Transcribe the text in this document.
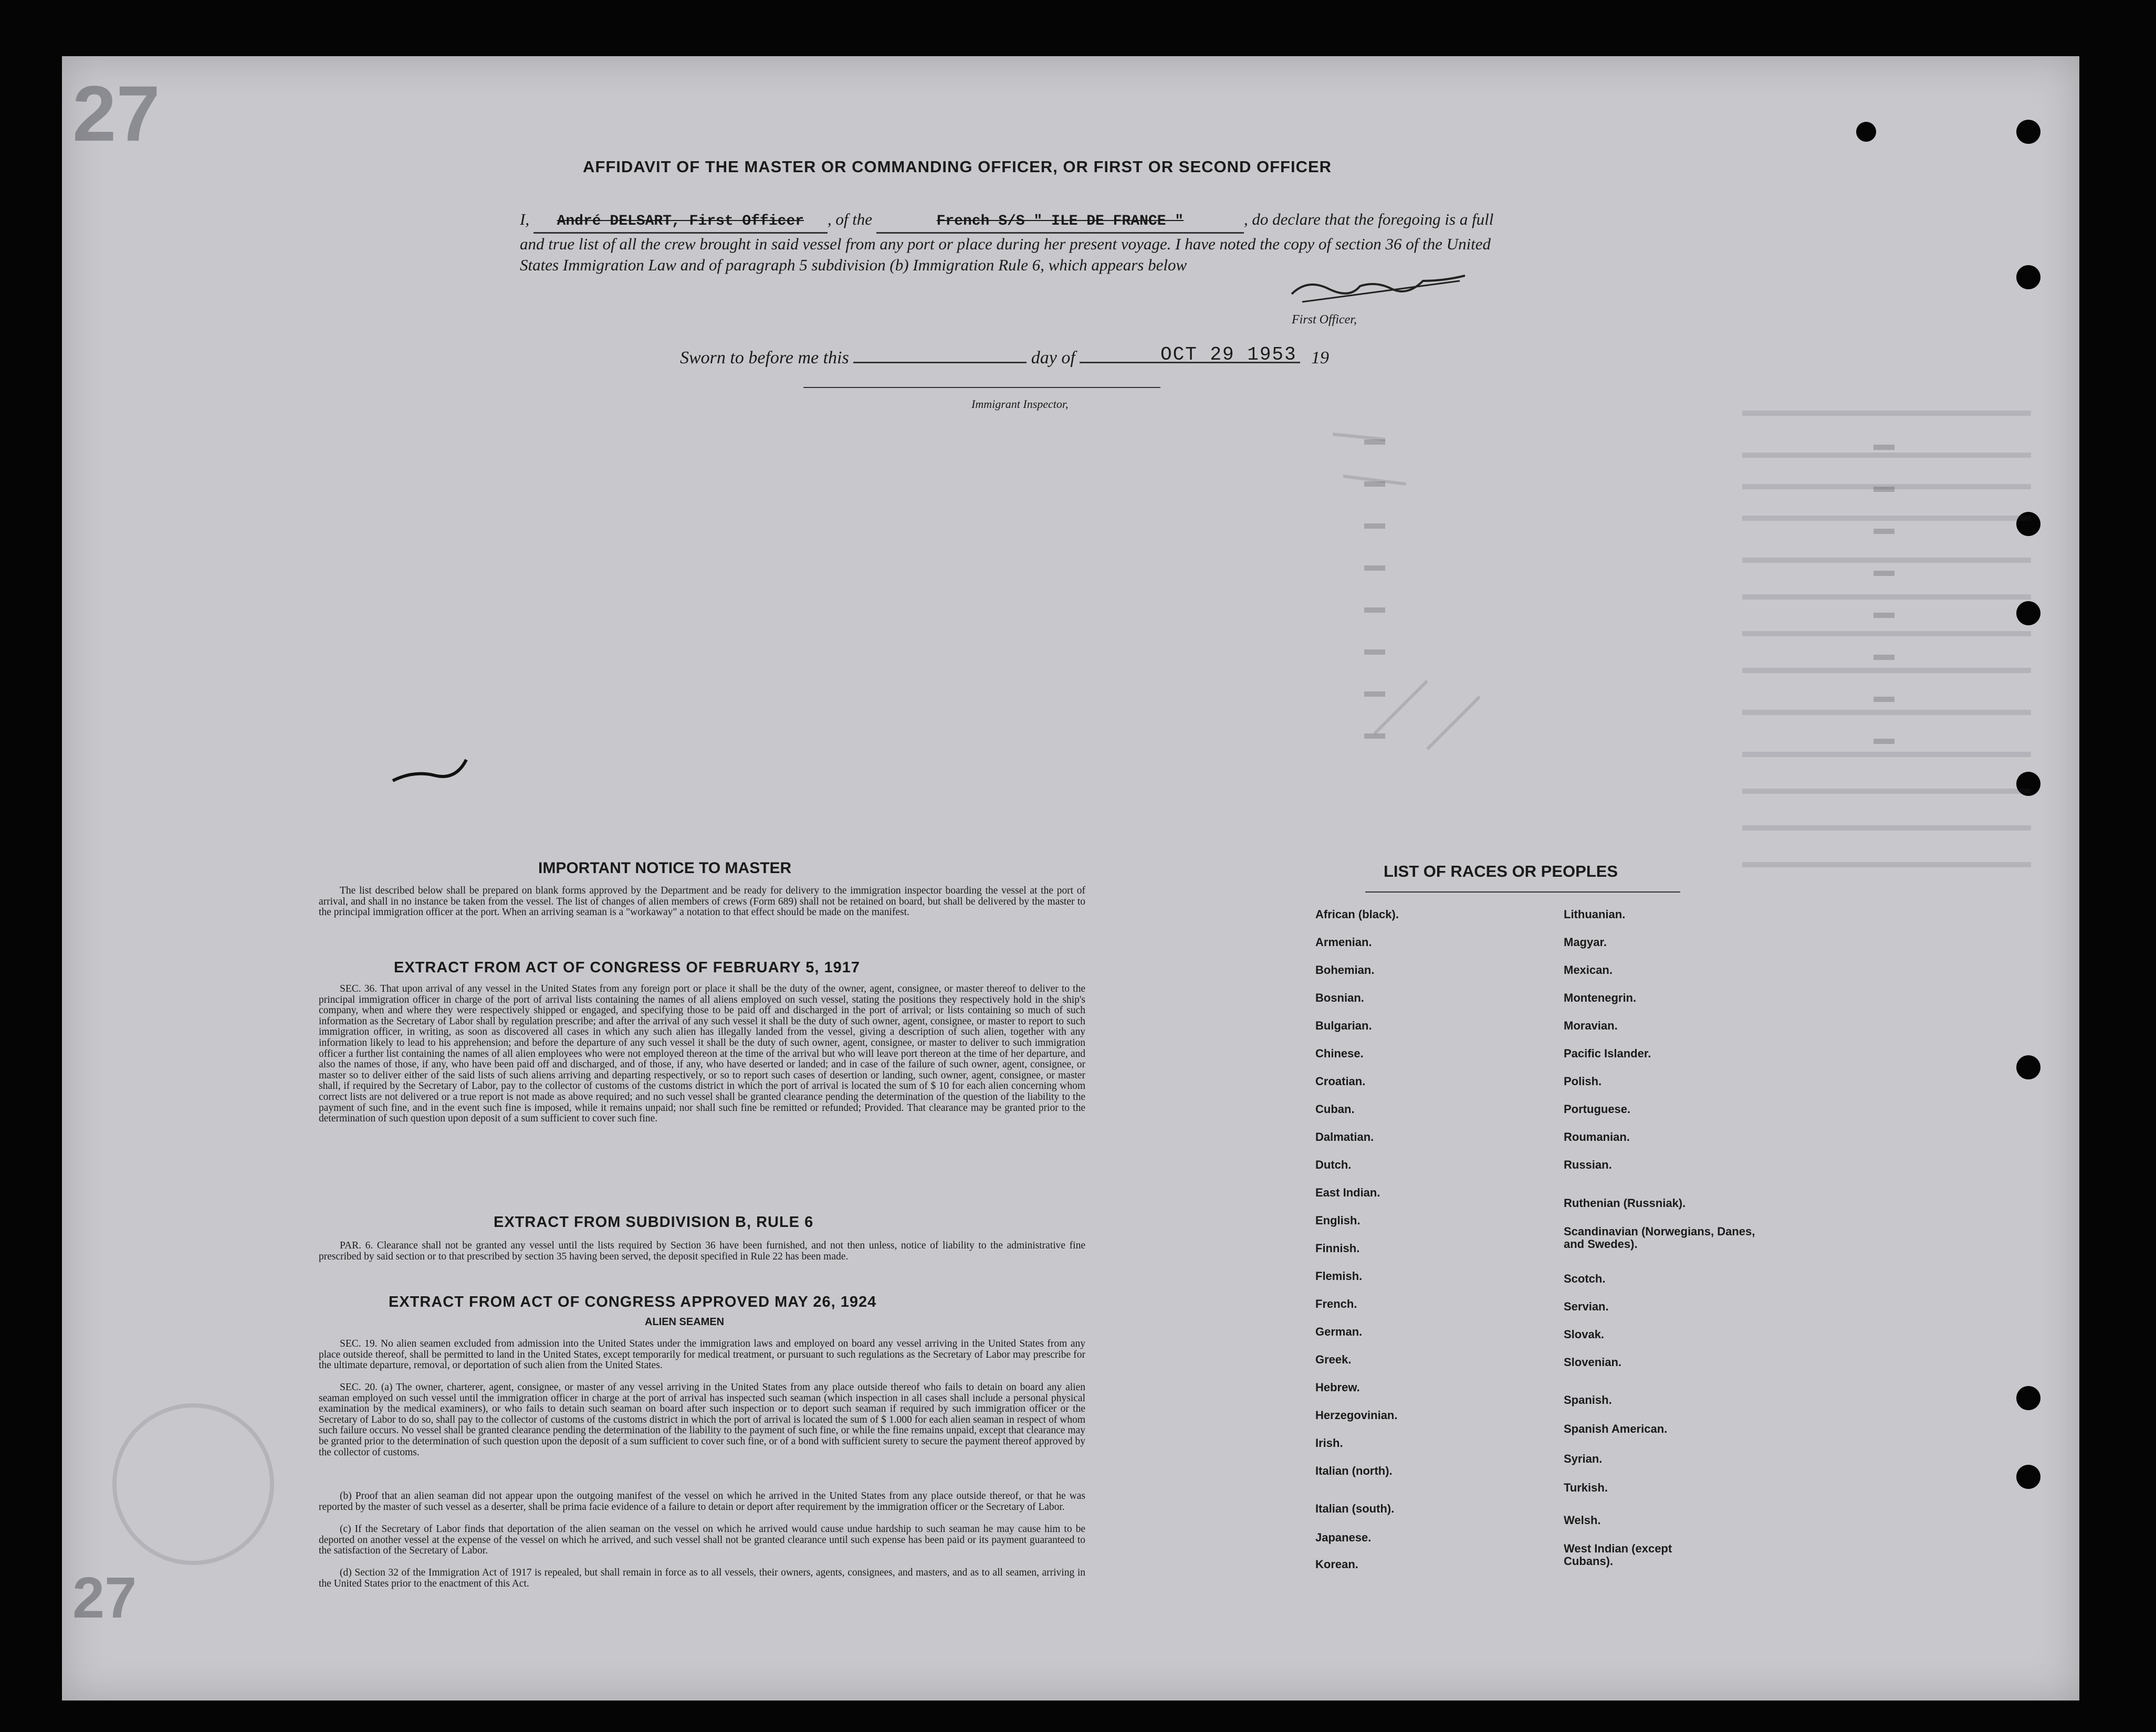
27
27
AFFIDAVIT OF THE MASTER OR COMMANDING OFFICER, OR FIRST OR SECOND OFFICER
I, André DELSART, First Officer , of the	French S/S " ILE DE FRANCE "	, do declare that the foregoing is a full and true list of all the crew brought in said vessel from any port or place during her present voyage. I have noted the copy of section 36 of the United States Immigration Law and of paragraph 5 subdivision (b) Immigration Rule 6, which appears below
First Officer,
Sworn to before me this	day of	OCT 29 1953 19
Immigrant Inspector,
IMPORTANT NOTICE TO MASTER
The list described below shall be prepared on blank forms approved by the Department and be ready for delivery to the immigration inspector boarding the vessel at the port of arrival, and shall in no instance be taken from the vessel. The list of changes of alien members of crews (Form 689) shall not be retained on board, but shall be delivered by the master to the principal immigration officer at the port. When an arriving seaman is a "workaway" a notation to that effect should be made on the manifest.
EXTRACT FROM ACT OF CONGRESS OF FEBRUARY 5, 1917
SEC. 36. That upon arrival of any vessel in the United States from any foreign port or place it shall be the duty of the owner, agent, consignee, or master thereof to deliver to the principal immigration officer in charge of the port of arrival lists containing the names of all aliens employed on such vessel, stating the positions they respectively hold in the ship's company, when and where they were respectively shipped or engaged, and specifying those to be paid off and discharged in the port of arrival; or lists containing so much of such information as the Secretary of Labor shall by regulation prescribe; and after the arrival of any such vessel it shall be the duty of such owner, agent, consignee, or master to report to such immigration officer, in writing, as soon as discovered all cases in which any such alien has illegally landed from the vessel, giving a description of such alien, together with any information likely to lead to his apprehension; and before the departure of any such vessel it shall be the duty of such owner, agent, consignee, or master to deliver to such immigration officer a further list containing the names of all alien employees who were not employed thereon at the time of the arrival but who will leave port thereon at the time of her departure, and also the names of those, if any, who have been paid off and discharged, and of those, if any, who have deserted or landed; and in case of the failure of such owner, agent, consignee, or master so to deliver either of the said lists of such aliens arriving and departing respectively, or so to report such cases of desertion or landing, such owner, agent, consignee, or master shall, if required by the Secretary of Labor, pay to the collector of customs of the customs district in which the port of arrival is located the sum of $ 10 for each alien concerning whom correct lists are not delivered or a true report is not made as above required; and no such vessel shall be granted clearance pending the determination of the question of the liability to the payment of such fine, and in the event such fine is imposed, while it remains unpaid; nor shall such fine be remitted or refunded; Provided. That clearance may be granted prior to the determination of such question upon deposit of a sum sufficient to cover such fine.
EXTRACT FROM SUBDIVISION B, RULE 6
PAR. 6. Clearance shall not be granted any vessel until the lists required by Section 36 have been furnished, and not then unless, notice of liability to the administrative fine prescribed by said section or to that prescribed by section 35 having been served, the deposit specified in Rule 22 has been made.
EXTRACT FROM ACT OF CONGRESS APPROVED MAY 26, 1924
ALIEN SEAMEN
SEC. 19. No alien seamen excluded from admission into the United States under the immigration laws and employed on board any vessel arriving in the United States from any place outside thereof, shall be permitted to land in the United States, except temporarily for medical treatment, or pursuant to such regulations as the Secretary of Labor may prescribe for the ultimate departure, removal, or deportation of such alien from the United States.
SEC. 20. (a) The owner, charterer, agent, consignee, or master of any vessel arriving in the United States from any place outside thereof who fails to detain on board any alien seaman employed on such vessel until the immigration officer in charge at the port of arrival has inspected such seaman (which inspection in all cases shall include a personal physical examination by the medical examiners), or who fails to detain such seaman on board after such inspection or to deport such seaman if required by such immigration officer or the Secretary of Labor to do so, shall pay to the collector of customs of the customs district in which the port of arrival is located the sum of $ 1.000 for each alien seaman in respect of whom such failure occurs. No vessel shall be granted clearance pending the determination of the liability to the payment of such fine, or while the fine remains unpaid, except that clearance may be granted prior to the determination of such question upon the deposit of a sum sufficient to cover such fine, or of a bond with sufficient surety to secure the payment thereof approved by the collector of customs.
(b) Proof that an alien seaman did not appear upon the outgoing manifest of the vessel on which he arrived in the United States from any place outside thereof, or that he was reported by the master of such vessel as a deserter, shall be prima facie evidence of a failure to detain or deport after requirement by the immigration officer or the Secretary of Labor.
(c) If the Secretary of Labor finds that deportation of the alien seaman on the vessel on which he arrived would cause undue hardship to such seaman he may cause him to be deported on another vessel at the expense of the vessel on which he arrived, and such vessel shall not be granted clearance until such expense has been paid or its payment guaranteed to the satisfaction of the Secretary of Labor.
(d) Section 32 of the Immigration Act of 1917 is repealed, but shall remain in force as to all vessels, their owners, agents, consignees, and masters, and as to all seamen, arriving in the United States prior to the enactment of this Act.
LIST OF RACES OR PEOPLES
African (black).
Armenian.
Bohemian.
Bosnian.
Bulgarian.
Chinese.
Croatian.
Cuban.
Dalmatian.
Dutch.
East Indian.
English.
Finnish.
Flemish.
French.
German.
Greek.
Hebrew.
Herzegovinian.
Irish.
Italian (north).
Italian (south).
Japanese.
Korean.
Lithuanian.
Magyar.
Mexican.
Montenegrin.
Moravian.
Pacific Islander.
Polish.
Portuguese.
Roumanian.
Russian.
Ruthenian (Russniak).
Scandinavian (Norwegians, Danes, and Swedes).
Scotch.
Servian.
Slovak.
Slovenian.
Spanish.
Spanish American.
Syrian.
Turkish.
Welsh.
West Indian (except Cubans).
